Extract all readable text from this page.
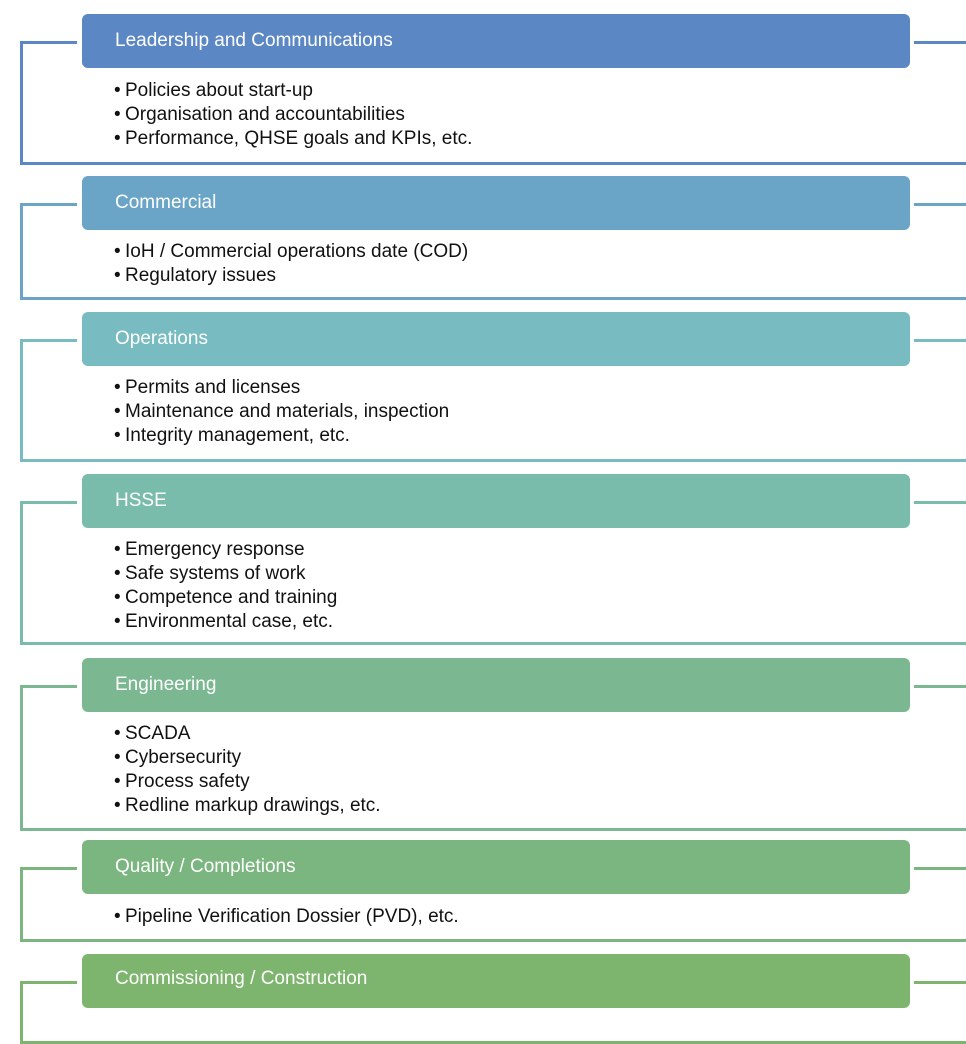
Leadership and Communications
• Policies about start-up
• Organisation and accountabilities
• Performance, QHSE goals and KPIs, etc.
Commercial
• IoH / Commercial operations date (COD)
• Regulatory issues
Operations
• Permits and licenses
• Maintenance and materials, inspection
• Integrity management, etc.
HSSE
• Emergency response
• Safe systems of work
• Competence and training
• Environmental case, etc.
Engineering
• SCADA
• Cybersecurity
• Process safety
• Redline markup drawings, etc.
Quality / Completions
• Pipeline Verification Dossier (PVD), etc.
Commissioning / Construction
